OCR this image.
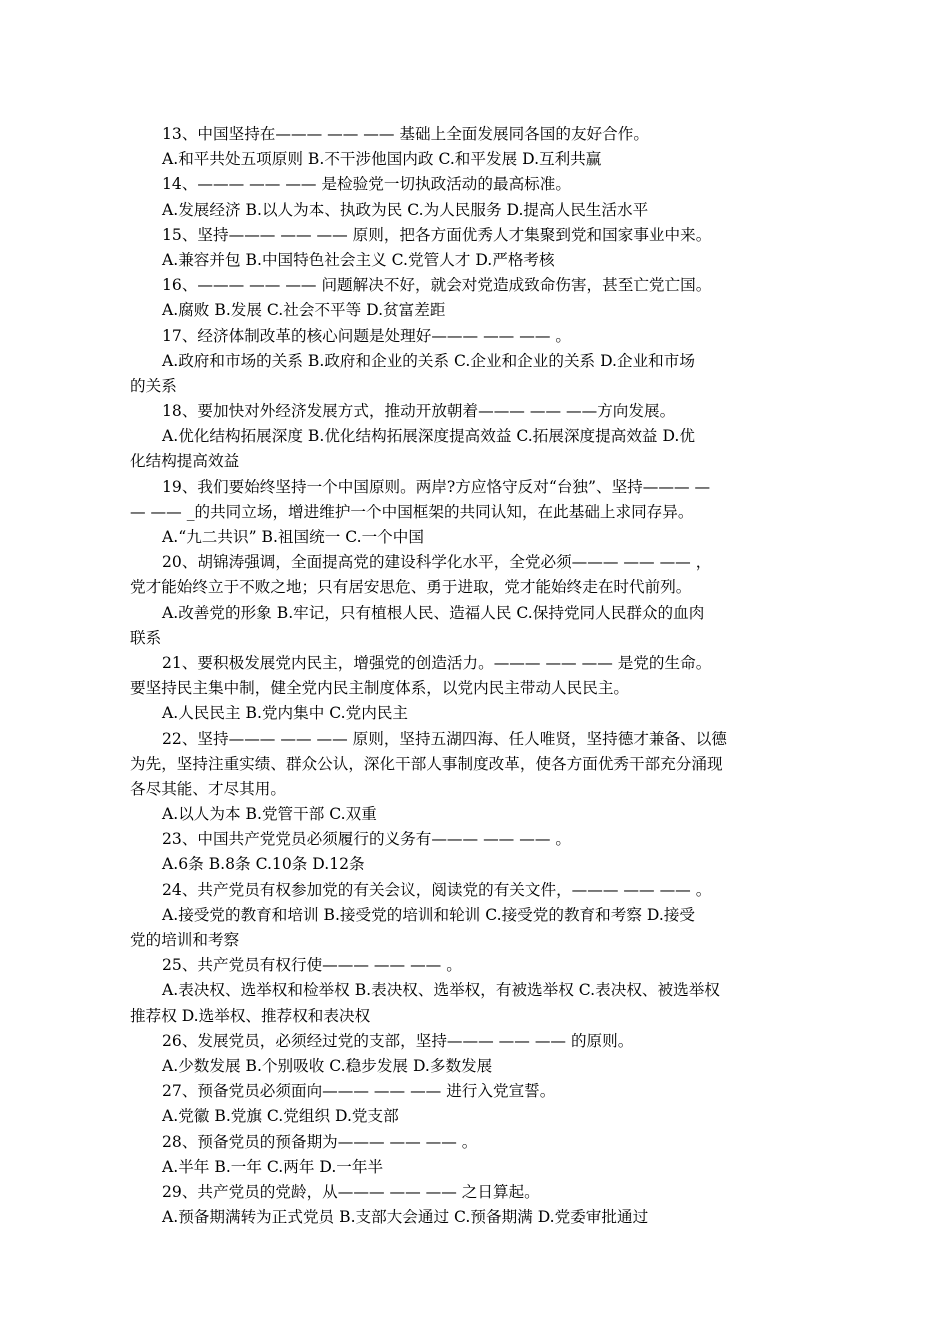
13、中国坚持在——— —— —— 基础上全面发展同各国的友好合作。
A.和平共处五项原则 B.不干涉他国内政 C.和平发展 D.互利共赢
14、——— —— —— 是检验党一切执政活动的最高标准。
A.发展经济 B.以人为本、执政为民 C.为人民服务 D.提高人民生活水平
15、坚持——— —— —— 原则，把各方面优秀人才集聚到党和国家事业中来。
A.兼容并包 B.中国特色社会主义 C.党管人才 D.严格考核
16、——— —— —— 问题解决不好，就会对党造成致命伤害，甚至亡党亡国。
A.腐败 B.发展 C.社会不平等 D.贫富差距
17、经济体制改革的核心问题是处理好——— —— —— 。
A.政府和市场的关系 B.政府和企业的关系 C.企业和企业的关系 D.企业和市场
的关系
18、要加快对外经济发展方式，推动开放朝着——— —— ——方向发展。
A.优化结构拓展深度 B.优化结构拓展深度提高效益 C.拓展深度提高效益 D.优
化结构提高效益
19、我们要始终坚持一个中国原则。两岸?方应恪守反对“台独”、坚持——— —
— —— _的共同立场，增进维护一个中国框架的共同认知，在此基础上求同存异。
A.“九二共识” B.祖国统一 C.一个中国
20、胡锦涛强调，全面提高党的建设科学化水平，全党必须——— —— —— ，
党才能始终立于不败之地；只有居安思危、勇于进取，党才能始终走在时代前列。
A.改善党的形象 B.牢记，只有植根人民、造福人民 C.保持党同人民群众的血肉
联系
21、要积极发展党内民主，增强党的创造活力。——— —— —— 是党的生命。
要坚持民主集中制，健全党内民主制度体系，以党内民主带动人民民主。
A.人民民主 B.党内集中 C.党内民主
22、坚持——— —— —— 原则，坚持五湖四海、任人唯贤，坚持德才兼备、以德
为先，坚持注重实绩、群众公认，深化干部人事制度改革，使各方面优秀干部充分涌现
各尽其能、才尽其用。
A.以人为本 B.党管干部 C.双重
23、中国共产党党员必须履行的义务有——— —— —— 。
A.6条 B.8条 C.10条 D.12条
24、共产党员有权参加党的有关会议，阅读党的有关文件，——— —— —— 。
A.接受党的教育和培训 B.接受党的培训和轮训 C.接受党的教育和考察 D.接受
党的培训和考察
25、共产党员有权行使——— —— —— 。
A.表决权、选举权和检举权 B.表决权、选举权，有被选举权 C.表决权、被选举权
推荐权 D.选举权、推荐权和表决权
26、发展党员，必须经过党的支部，坚持——— —— —— 的原则。
A.少数发展 B.个别吸收 C.稳步发展 D.多数发展
27、预备党员必须面向——— —— —— 进行入党宣誓。
A.党徽 B.党旗 C.党组织 D.党支部
28、预备党员的预备期为——— —— —— 。
A.半年 B.一年 C.两年 D.一年半
29、共产党员的党龄，从——— —— —— 之日算起。
A.预备期满转为正式党员 B.支部大会通过 C.预备期满 D.党委审批通过
